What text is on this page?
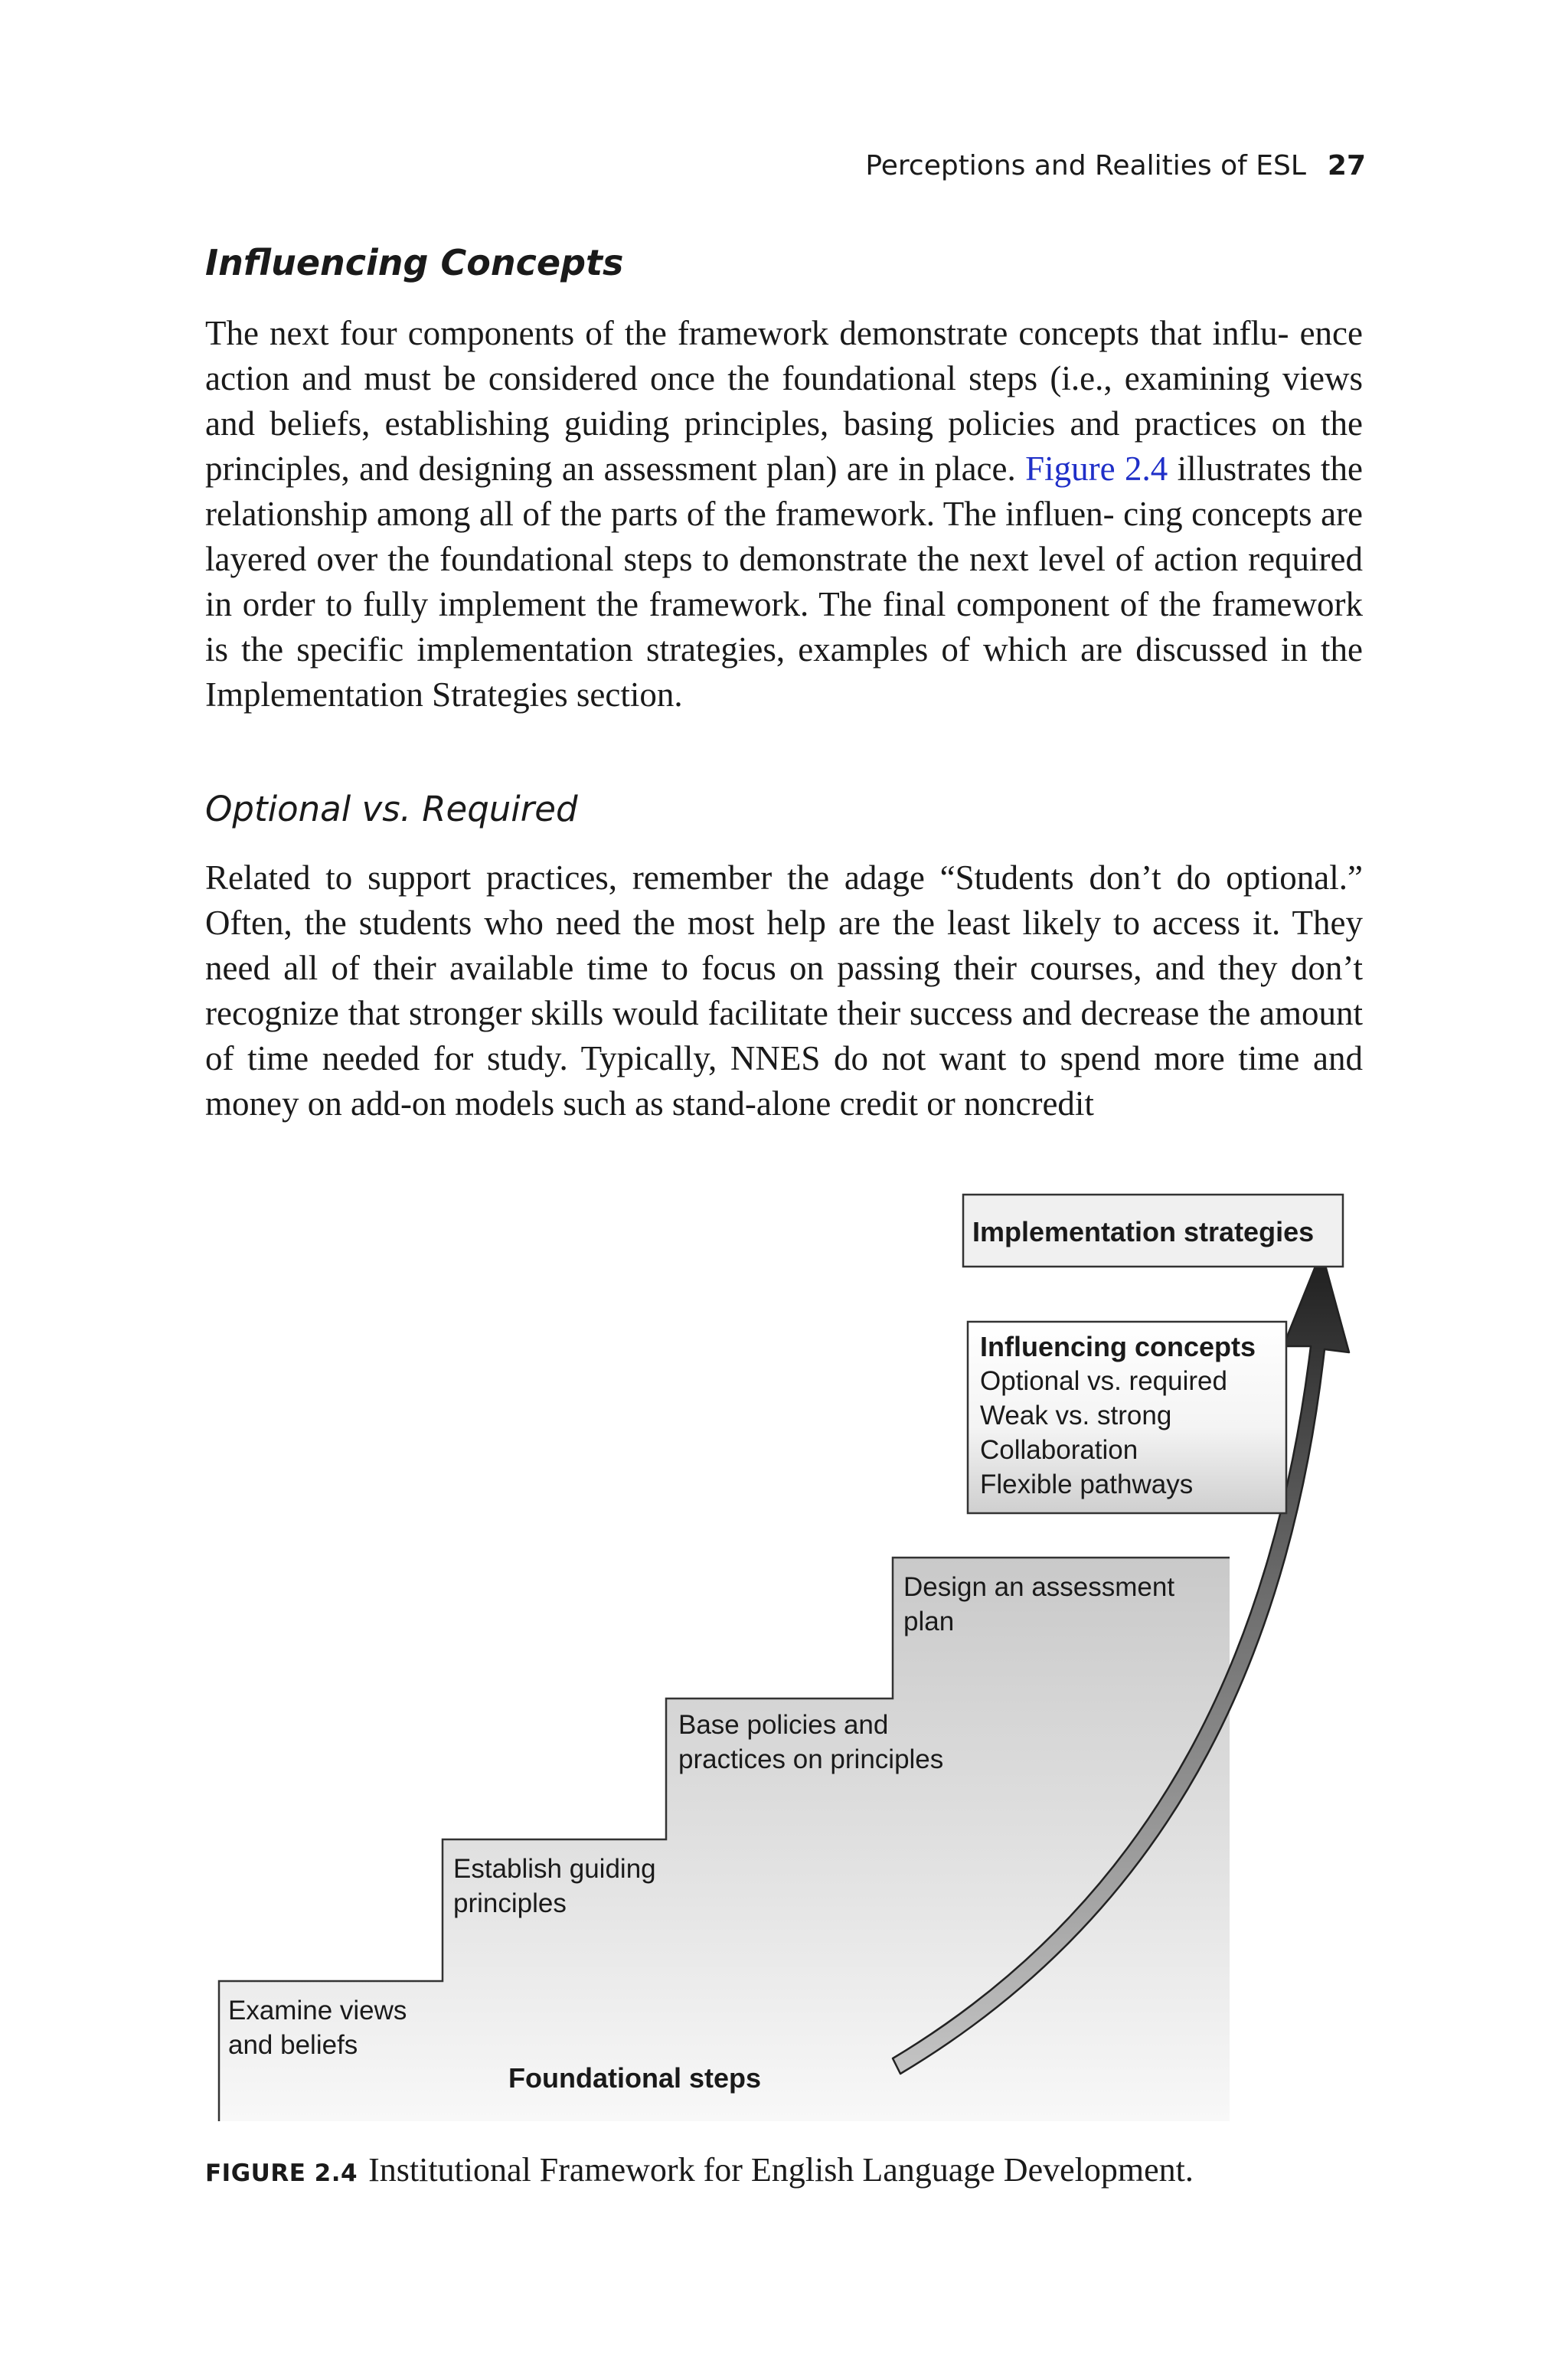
Perceptions and Realities of ESL 27
Influencing Concepts
The next four components of the framework demonstrate concepts that influ- ence action and must be considered once the foundational steps (i.e., examining views and beliefs, establishing guiding principles, basing policies and practices on the principles, and designing an assessment plan) are in place. Figure 2.4 illustrates the relationship among all of the parts of the framework. The influen- cing concepts are layered over the foundational steps to demonstrate the next level of action required in order to fully implement the framework. The final component of the framework is the specific implementation strategies, examples of which are discussed in the Implementation Strategies section.
Optional vs. Required
Related to support practices, remember the adage “Students don’t do optional.” Often, the students who need the most help are the least likely to access it. They need all of their available time to focus on passing their courses, and they don’t recognize that stronger skills would facilitate their success and decrease the amount of time needed for study. Typically, NNES do not want to spend more time and money on add-on models such as stand-alone credit or noncredit
Implementation strategies
Influencing concepts
Optional vs. required
Weak vs. strong
Collaboration
Flexible pathways
Examine views
and beliefs
Establish guiding
principles
Base policies and
practices on principles
Design an assessment
plan
Foundational steps
FIGURE 2.4 Institutional Framework for English Language Development.
